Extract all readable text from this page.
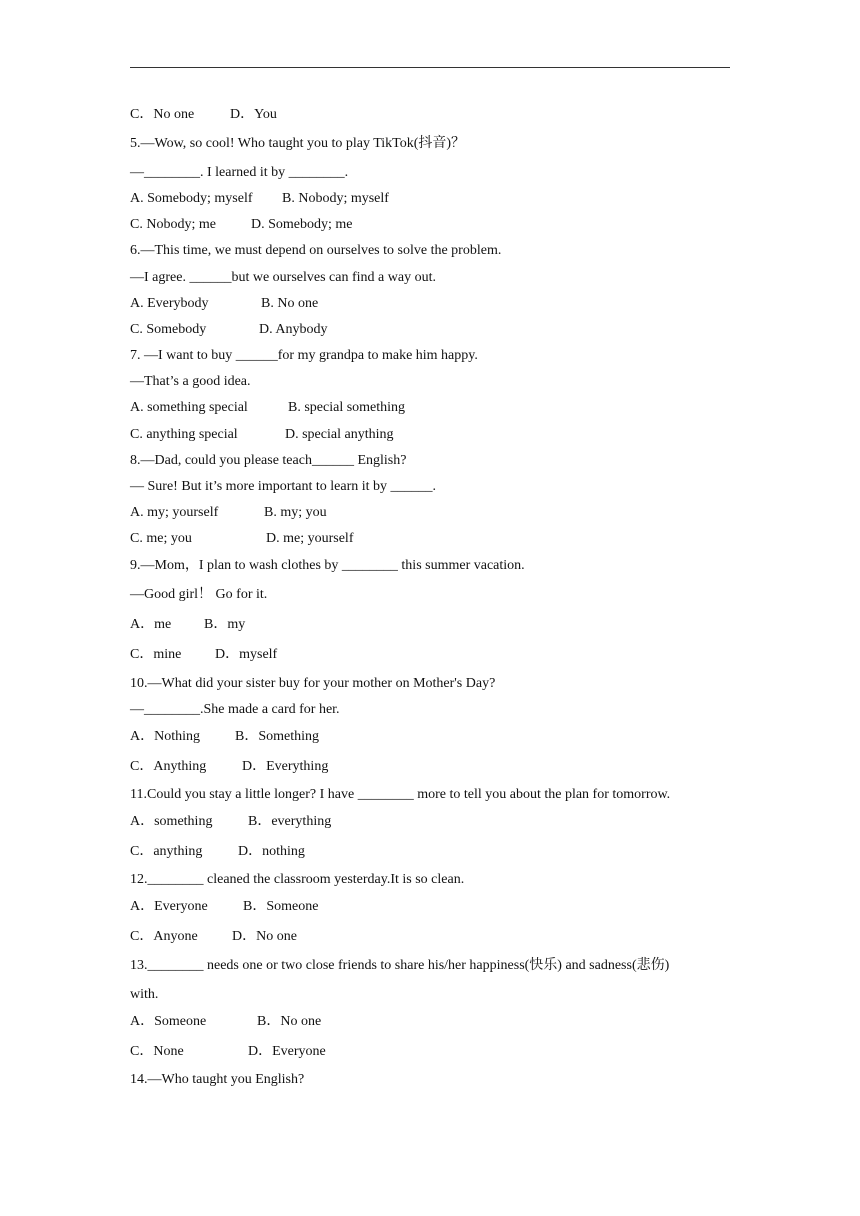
C．No one	D．You
5.—Wow, so cool! Who taught you to play TikTok(抖音)？
—________. I learned it by ________.
A. Somebody; myself B. Nobody; myself
C. Nobody; me	D. Somebody; me
6.—This time, we must depend on ourselves to solve the problem.
—I agree. ______but we ourselves can find a way out.
A. Everybody	B. No one
C. Somebody	D. Anybody
7. —I want to buy ______for my grandpa to make him happy.
—That’s a good idea.
A. something special	B. special something
C. anything special	D. special anything
8.—Dad, could you please teach______ English?
— Sure! But it’s more important to learn it by ______.
A. my; yourself	B. my; you
C. me; you	D. me; yourself
9.—Mom，I plan to wash clothes by ________ this summer vacation.
—Good girl！ Go for it.
A．me B．my
C．mine D．myself
10.—What did your sister buy for your mother on Mother's Day?
—________.She made a card for her.
A．Nothing	B．Something
C．Anything	D．Everything
11.Could you stay a little longer? I have ________ more to tell you about the plan for tomorrow.
A．something	B．everything
C．anything	D．nothing
12.________ cleaned the classroom yesterday.It is so clean.
A．Everyone	B．Someone
C．Anyone D．No one
13.________ needs one or two close friends to share his/her happiness(快乐) and sadness(悲伤)
with.
A．Someone	B．No one
C．None	D．Everyone
14.—Who taught you English?
